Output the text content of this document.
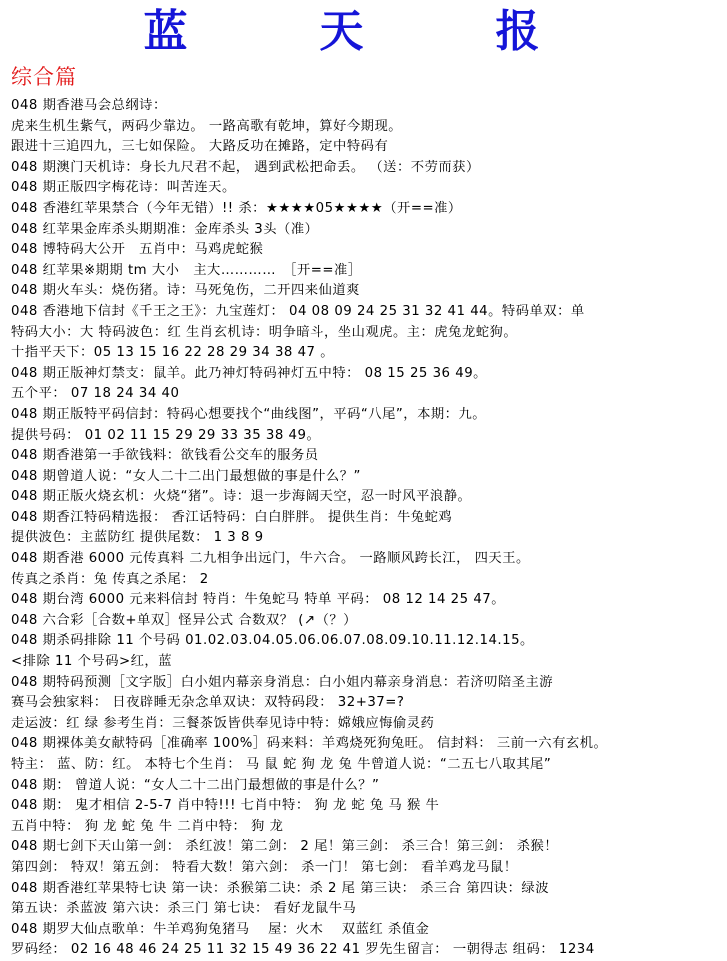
蓝　天　报
综合篇
048 期香港马会总纲诗：
虎来生机生紫气，两码少靠边。 一路高歌有乾坤，算好今期现。
跟进十三追四九，三七如保险。 大路反功在摊路，定中特码有
048 期澳门天机诗：身长九尺君不起， 遇到武松把命丢。 （送：不劳而获）
048 期正版四字梅花诗：叫苦连天。
048 香港红苹果禁合（今年无错）!! 杀：★★★★05★★★★（开==准）
048 红苹果金库杀头期期准：金库杀头 3头（准）
048 博特码大公开　五肖中：马鸡虎蛇猴
048 红苹果※期期 tm 大小　主大…………　［开==准］
048 期火车头：烧伤猪。诗：马死兔伤，二开四来仙道爽
048 香港地下信封《千王之王》：九宝莲灯： 04 08 09 24 25 31 32 41 44。特码单双：单
特码大小：大 特码波色：红 生肖玄机诗：明争暗斗，坐山观虎。主：虎兔龙蛇狗。
十指平天下：05 13 15 16 22 28 29 34 38 47 。
048 期正版神灯禁支：鼠羊。此乃神灯特码神灯五中特： 08 15 25 36 49。
五个平： 07 18 24 34 40
048 期正版特平码信封：特码心想要找个“曲线图”，平码“八尾”，本期：九。
提供号码： 01 02 11 15 29 29 33 35 38 49。
048 期香港第一手欲钱料：欲钱看公交车的服务员
048 期曾道人说：“女人二十二出门最想做的事是什么？”
048 期正版火烧玄机：火烧“猪”。诗：退一步海阔天空，忍一时风平浪静。
048 期香江特码精选报： 香江话特码：白白胖胖。 提供生肖：牛兔蛇鸡
提供波色：主蓝防红 提供尾数： 1 3 8 9
048 期香港 6000 元传真料 二九相争出远门，牛六合。 一路顺风跨长江， 四天王。
传真之杀肖：兔 传真之杀尾： 2
048 期台湾 6000 元来料信封 特肖：牛兔蛇马 特单 平码： 08 12 14 25 47。
048 六合彩［合数+单双］怪异公式 合数双？ (↗（？）
048 期杀码排除 11 个号码 01.02.03.04.05.06.06.07.08.09.10.11.12.14.15。
<排除 11 个号码>红，蓝
048 期特码预测［文字版］白小姐内幕亲身消息：白小姐内幕亲身消息：若济叨陪圣主游
赛马会独家料： 日夜辟睡无杂念单双诀：双特码段： 32+37=?
走运波：红 绿 参考生肖：三餐茶饭皆供奉见诗中特：嫦娥应悔偷灵药
048 期裸体美女献特码［准确率 100%］码来料：羊鸡烧死狗兔旺。 信封料： 三前一六有玄机。
特主： 蓝、防：红。 本特七个生肖： 马 鼠 蛇 狗 龙 兔 牛曾道人说：“二五七八取其尾”
048 期： 曾道人说：“女人二十二出门最想做的事是什么？”
048 期： 鬼才相信 2-5-7 肖中特!!! 七肖中特： 狗 龙 蛇 兔 马 猴 牛
五肖中特： 狗 龙 蛇 兔 牛 二肖中特： 狗 龙
048 期七剑下天山第一剑： 杀红波！第二剑： 2 尾！第三剑： 杀三合！第三剑： 杀猴！
第四剑： 特双！第五剑： 特看大数！第六剑： 杀一门！ 第七剑： 看羊鸡龙马鼠！
048 期香港红苹果特七诀 第一诀：杀猴第二诀：杀 2 尾 第三诀： 杀三合 第四诀：绿波
第五诀：杀蓝波 第六诀：杀三门 第七诀： 看好龙鼠牛马
048 期罗大仙点歌单：牛羊鸡狗兔猪马　 屋：火木　 双蓝红 杀值金
罗码经： 02 16 48 46 24 25 11 32 15 49 36 22 41 罗先生留言： 一朝得志 组码： 1234
